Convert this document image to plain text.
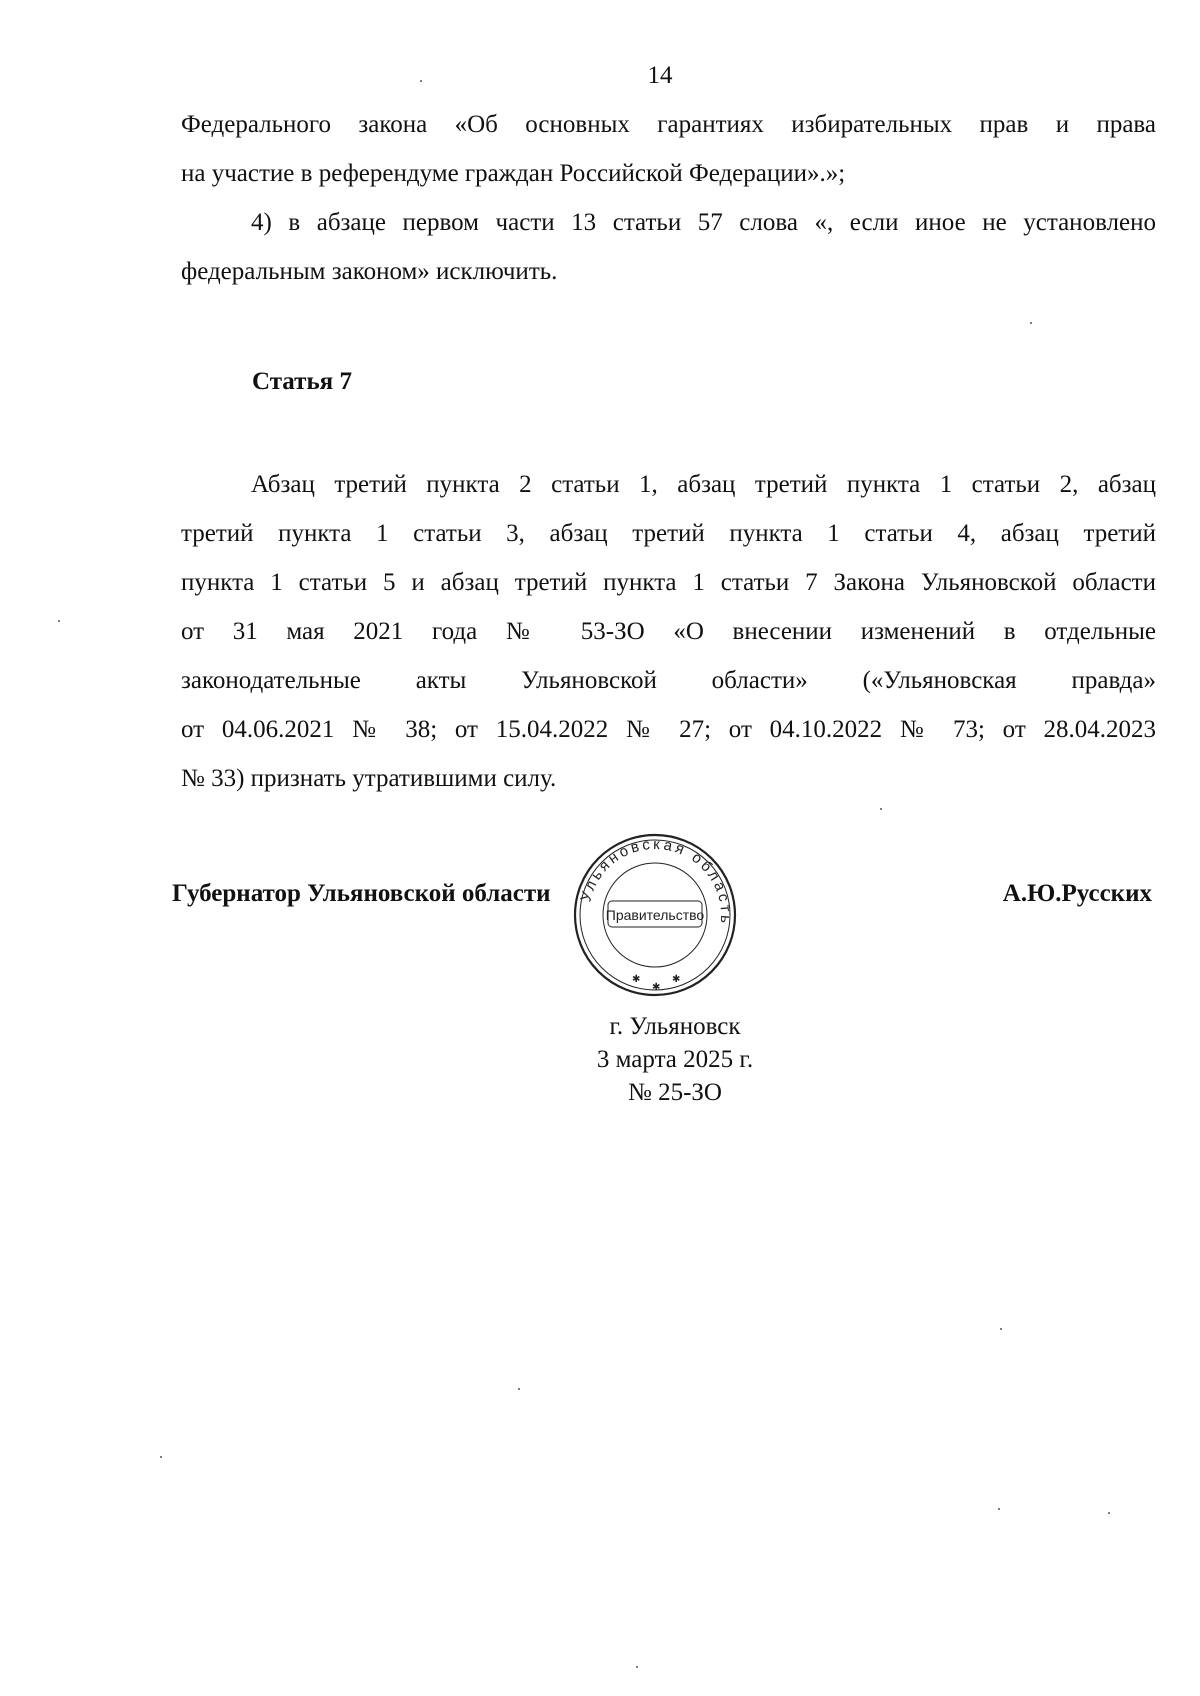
14
Федерального закона «Об основных гарантиях избирательных прав и права
на участие в референдуме граждан Российской Федерации».»;
4) в абзаце первом части 13 статьи 57 слова «, если иное не установлено
федеральным законом» исключить.
Статья 7
Абзац третий пункта 2 статьи 1, абзац третий пункта 1 статьи 2, абзац
третий пункта 1 статьи 3, абзац третий пункта 1 статьи 4, абзац третий
пункта 1 статьи 5 и абзац третий пункта 1 статьи 7 Закона Ульяновской области
от 31 мая 2021 года № 53-ЗО «О внесении изменений в отдельные
законодательные акты Ульяновской области» («Ульяновская правда»
от 04.06.2021 № 38; от 15.04.2022 № 27; от 04.10.2022 № 73; от 28.04.2023
№ 33) признать утратившими силу.
Ульяновская область
Правительство
✱
✱
✱
Губернатор Ульяновской области	А.Ю.Русских
г. Ульяновск
3 марта 2025 г.
№ 25-ЗО
